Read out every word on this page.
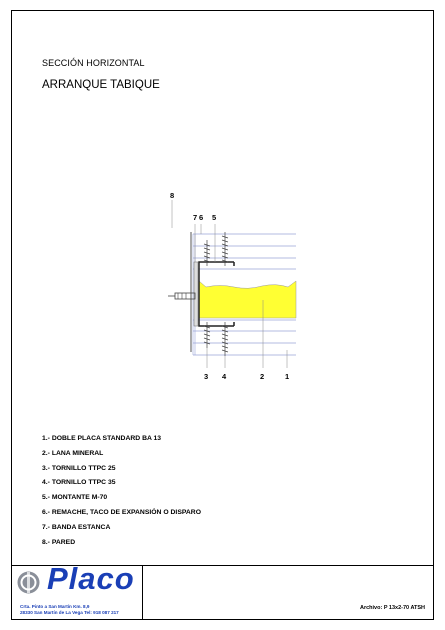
SECCIÓN HORIZONTAL
ARRANQUE TABIQUE
8
7 6 5
3 4	2	1
1.- DOBLE PLACA STANDARD BA 13
2.- LANA MINERAL
3.- TORNILLO TTPC 25
4.- TORNILLO TTPC 35
5.- MONTANTE M-70
6.- REMACHE, TACO DE EXPANSIÓN O DISPARO
7.- BANDA ESTANCA
8.- PARED
Placo
Crta. Pinto a San Martín Km. 8,9
28330 San Martín de La Vega Tel: 918 087 217
Archivo: P 13x2-70 ATSH
